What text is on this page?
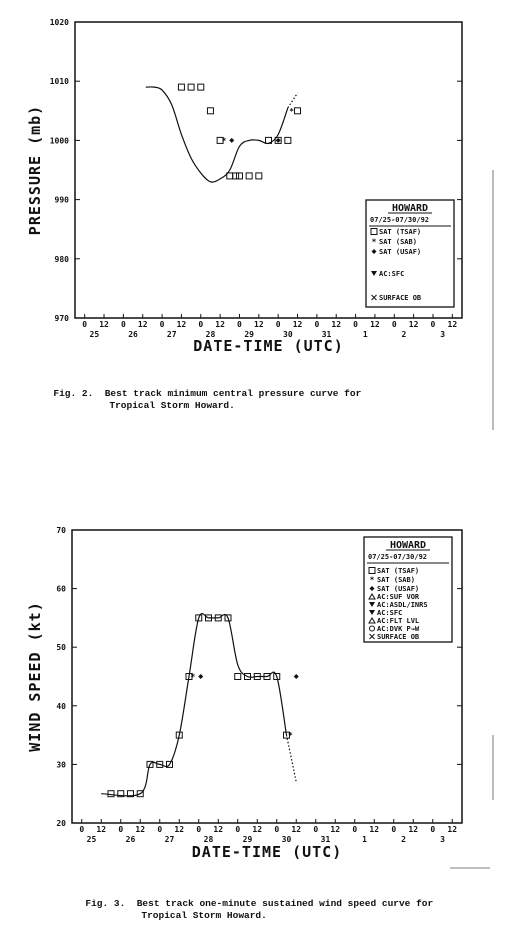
970
980
990
1000
1010
1020
0 12 0 12 0 12 0 12 0 12 0 12 0 12 0 12 0 12 0 12
25	26	27	28	29	30	31	1	2	3
DATE-TIME (UTC)
PRESSURE (mb)	*
*
HOWARD
07/25-07/30/92
SAT (TSAF)
* SAT (SAB)
SAT (USAF)
AC:SFC
SURFACE OB
20
30
40
50
60
70
0 12 0 12 0 12 0 12 0 12 0 12 0 12 0 12 0 12 0 12
25	26	27	28	29	30	31	1	2	3
DATE-TIME (UTC)
WIND SPEED (kt)	*
*
HOWARD
07/25-07/30/92
SAT (TSAF)
* SAT (SAB)
SAT (USAF)
AC:SUF VOR
AC:ASDL/INRS
AC:SFC
AC:FLT LVL
AC:DVK P→W
SURFACE OB

Fig. 2. Best track minimum central pressure curve for

Tropical Storm Howard.

Fig. 3. Best track one-minute sustained wind speed curve for

Tropical Storm Howard.
